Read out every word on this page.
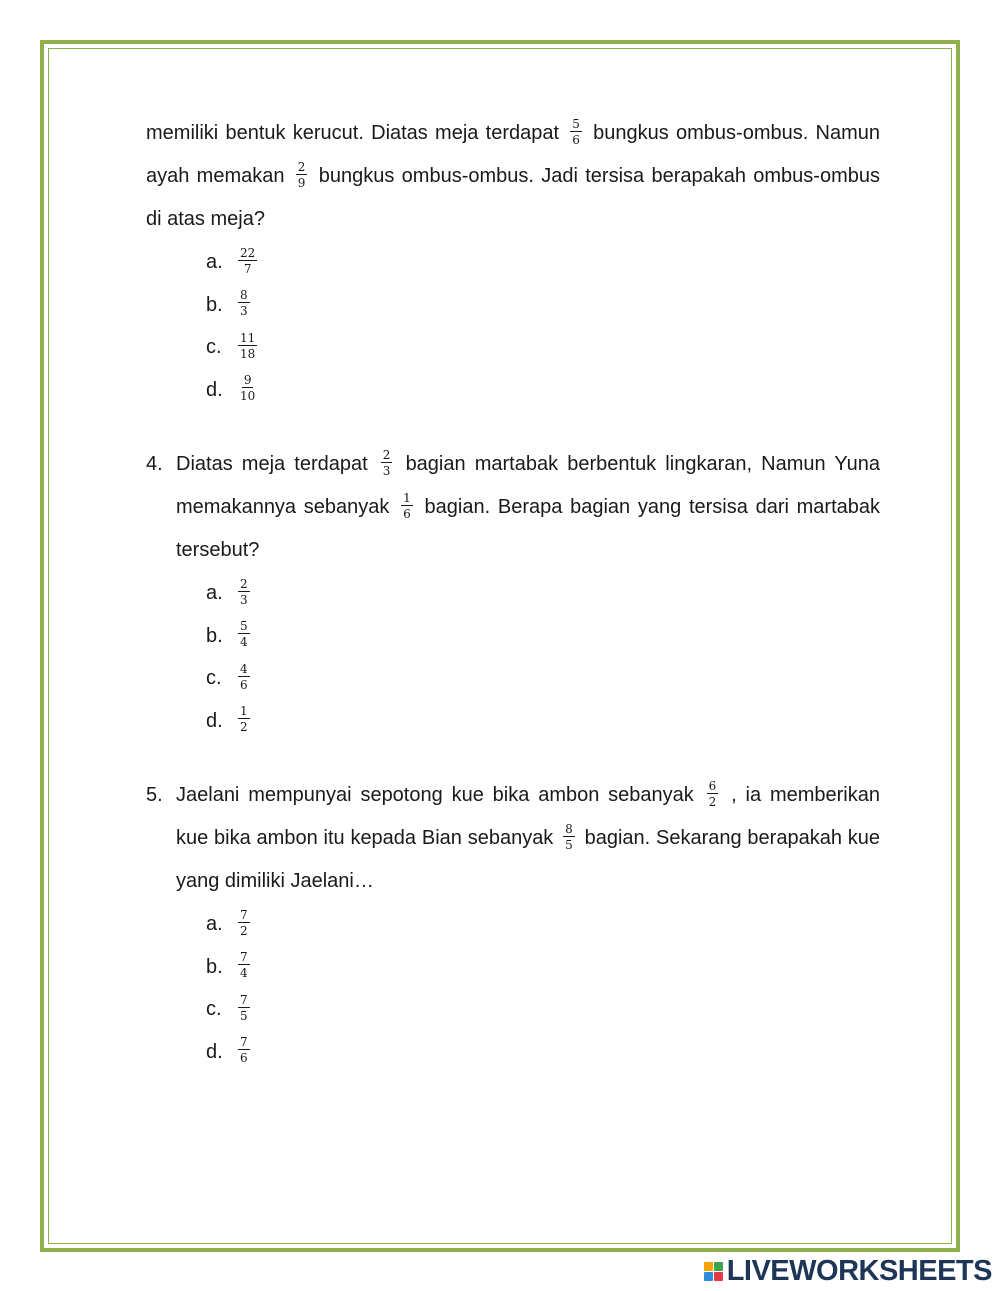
memiliki bentuk kerucut. Diatas meja terdapat $\frac{5}{6}$ bungkus ombus-ombus. Namun ayah memakan $\frac{2}{9}$ bungkus ombus-ombus. Jadi tersisa berapakah ombus-ombus di atas meja?
a. $\frac{22}{7}$
b. $\frac{8}{3}$
c. $\frac{11}{18}$
d. $\frac{9}{10}$
4. Diatas meja terdapat $\frac{2}{3}$ bagian martabak berbentuk lingkaran, Namun Yuna memakannya sebanyak $\frac{1}{6}$ bagian. Berapa bagian yang tersisa dari martabak tersebut?
a. $\frac{2}{3}$
b. $\frac{5}{4}$
c. $\frac{4}{6}$
d. $\frac{1}{2}$
5. Jaelani mempunyai sepotong kue bika ambon sebanyak $\frac{6}{2}$ , ia memberikan kue bika ambon itu kepada Bian sebanyak $\frac{8}{5}$ bagian. Sekarang berapakah kue yang dimiliki Jaelani…
a. $\frac{7}{2}$
b. $\frac{7}{4}$
c. $\frac{7}{5}$
d. $\frac{7}{6}$
LIVEWORKSHEETS
